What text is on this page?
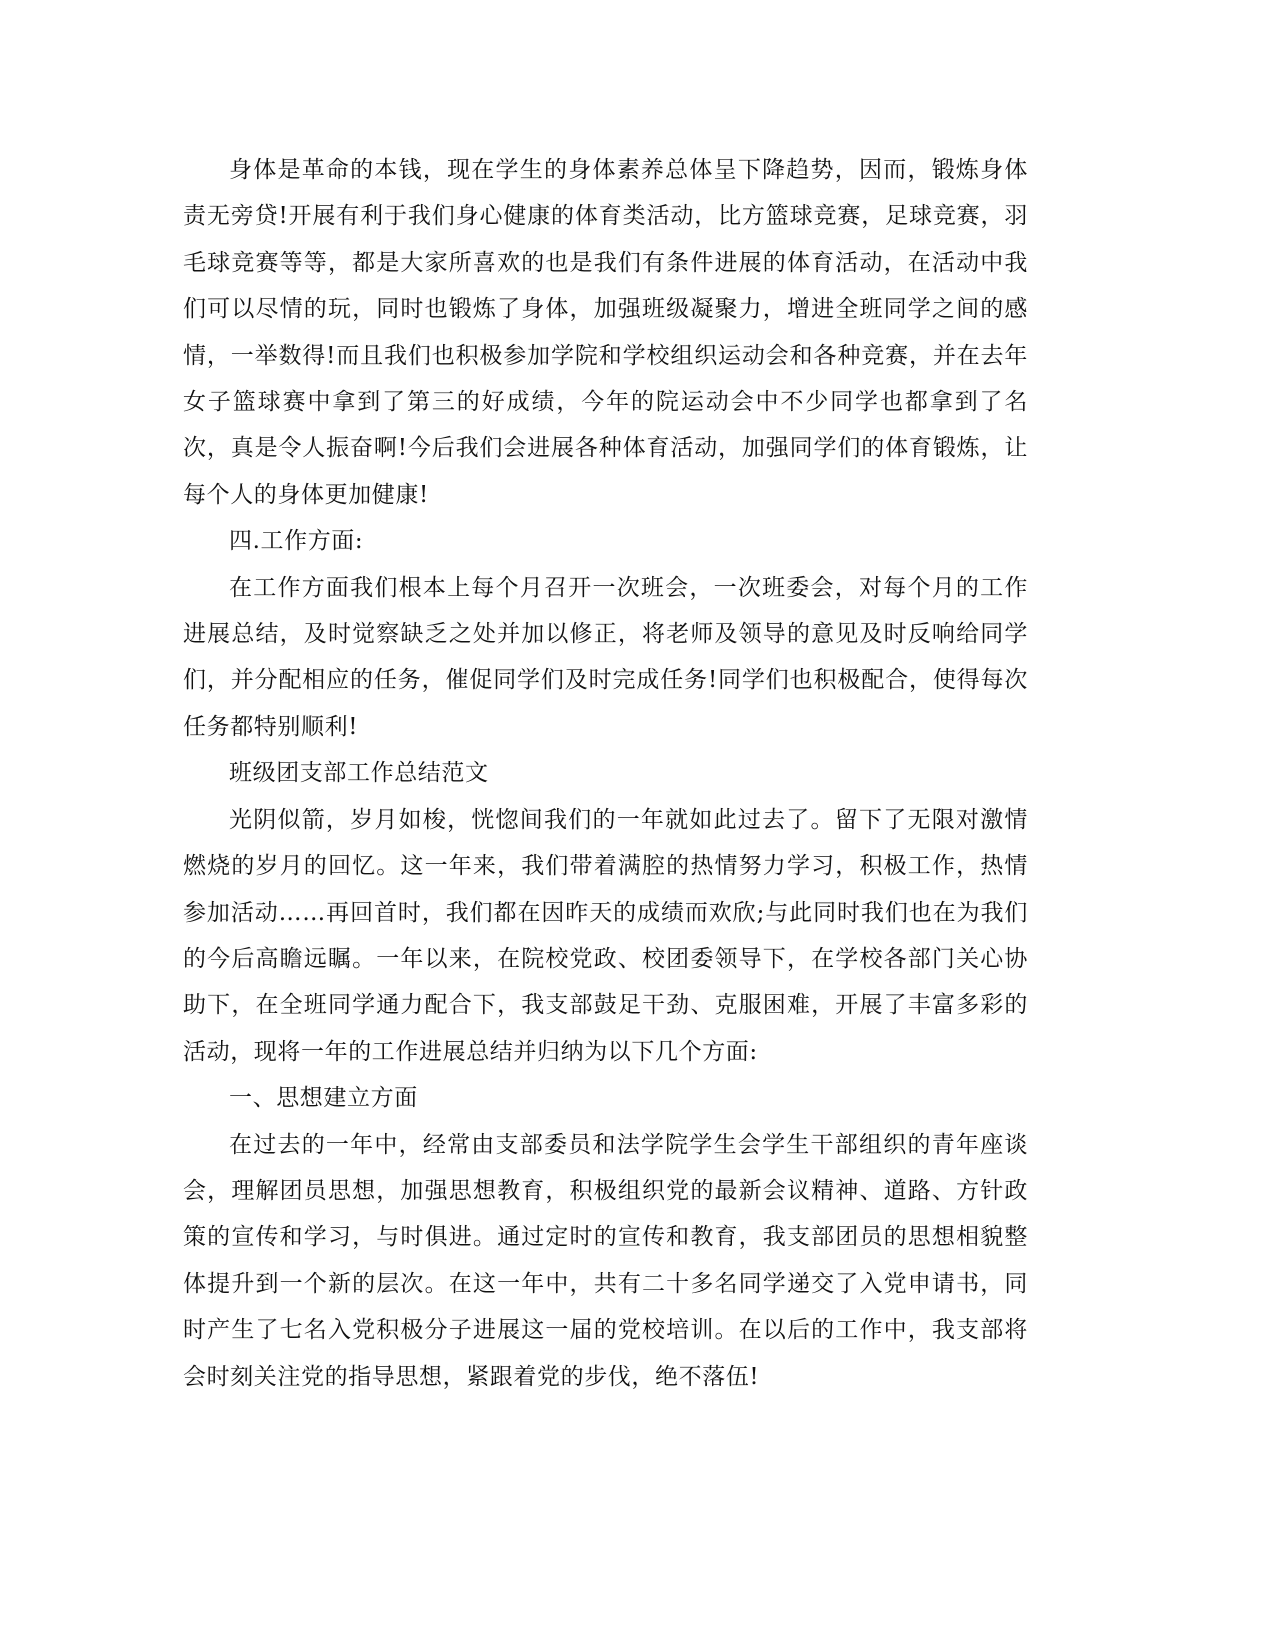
身体是革命的本钱，现在学生的身体素养总体呈下降趋势，因而，锻炼身体责无旁贷!开展有利于我们身心健康的体育类活动，比方篮球竞赛，足球竞赛，羽毛球竞赛等等，都是大家所喜欢的也是我们有条件进展的体育活动，在活动中我们可以尽情的玩，同时也锻炼了身体，加强班级凝聚力，增进全班同学之间的感情，一举数得!而且我们也积极参加学院和学校组织运动会和各种竞赛，并在去年女子篮球赛中拿到了第三的好成绩，今年的院运动会中不少同学也都拿到了名次，真是令人振奋啊!今后我们会进展各种体育活动，加强同学们的体育锻炼，让每个人的身体更加健康!

四.工作方面:

在工作方面我们根本上每个月召开一次班会，一次班委会，对每个月的工作进展总结，及时觉察缺乏之处并加以修正，将老师及领导的意见及时反响给同学们，并分配相应的任务，催促同学们及时完成任务!同学们也积极配合，使得每次任务都特别顺利!

班级团支部工作总结范文

光阴似箭，岁月如梭，恍惚间我们的一年就如此过去了。留下了无限对激情燃烧的岁月的回忆。这一年来，我们带着满腔的热情努力学习，积极工作，热情参加活动……再回首时，我们都在因昨天的成绩而欢欣;与此同时我们也在为我们的今后高瞻远瞩。一年以来，在院校党政、校团委领导下，在学校各部门关心协助下，在全班同学通力配合下，我支部鼓足干劲、克服困难，开展了丰富多彩的活动，现将一年的工作进展总结并归纳为以下几个方面:

一、思想建立方面

在过去的一年中，经常由支部委员和法学院学生会学生干部组织的青年座谈会，理解团员思想，加强思想教育，积极组织党的最新会议精神、道路、方针政策的宣传和学习，与时俱进。通过定时的宣传和教育，我支部团员的思想相貌整体提升到一个新的层次。在这一年中，共有二十多名同学递交了入党申请书，同时产生了七名入党积极分子进展这一届的党校培训。在以后的工作中，我支部将会时刻关注党的指导思想，紧跟着党的步伐，绝不落伍!
